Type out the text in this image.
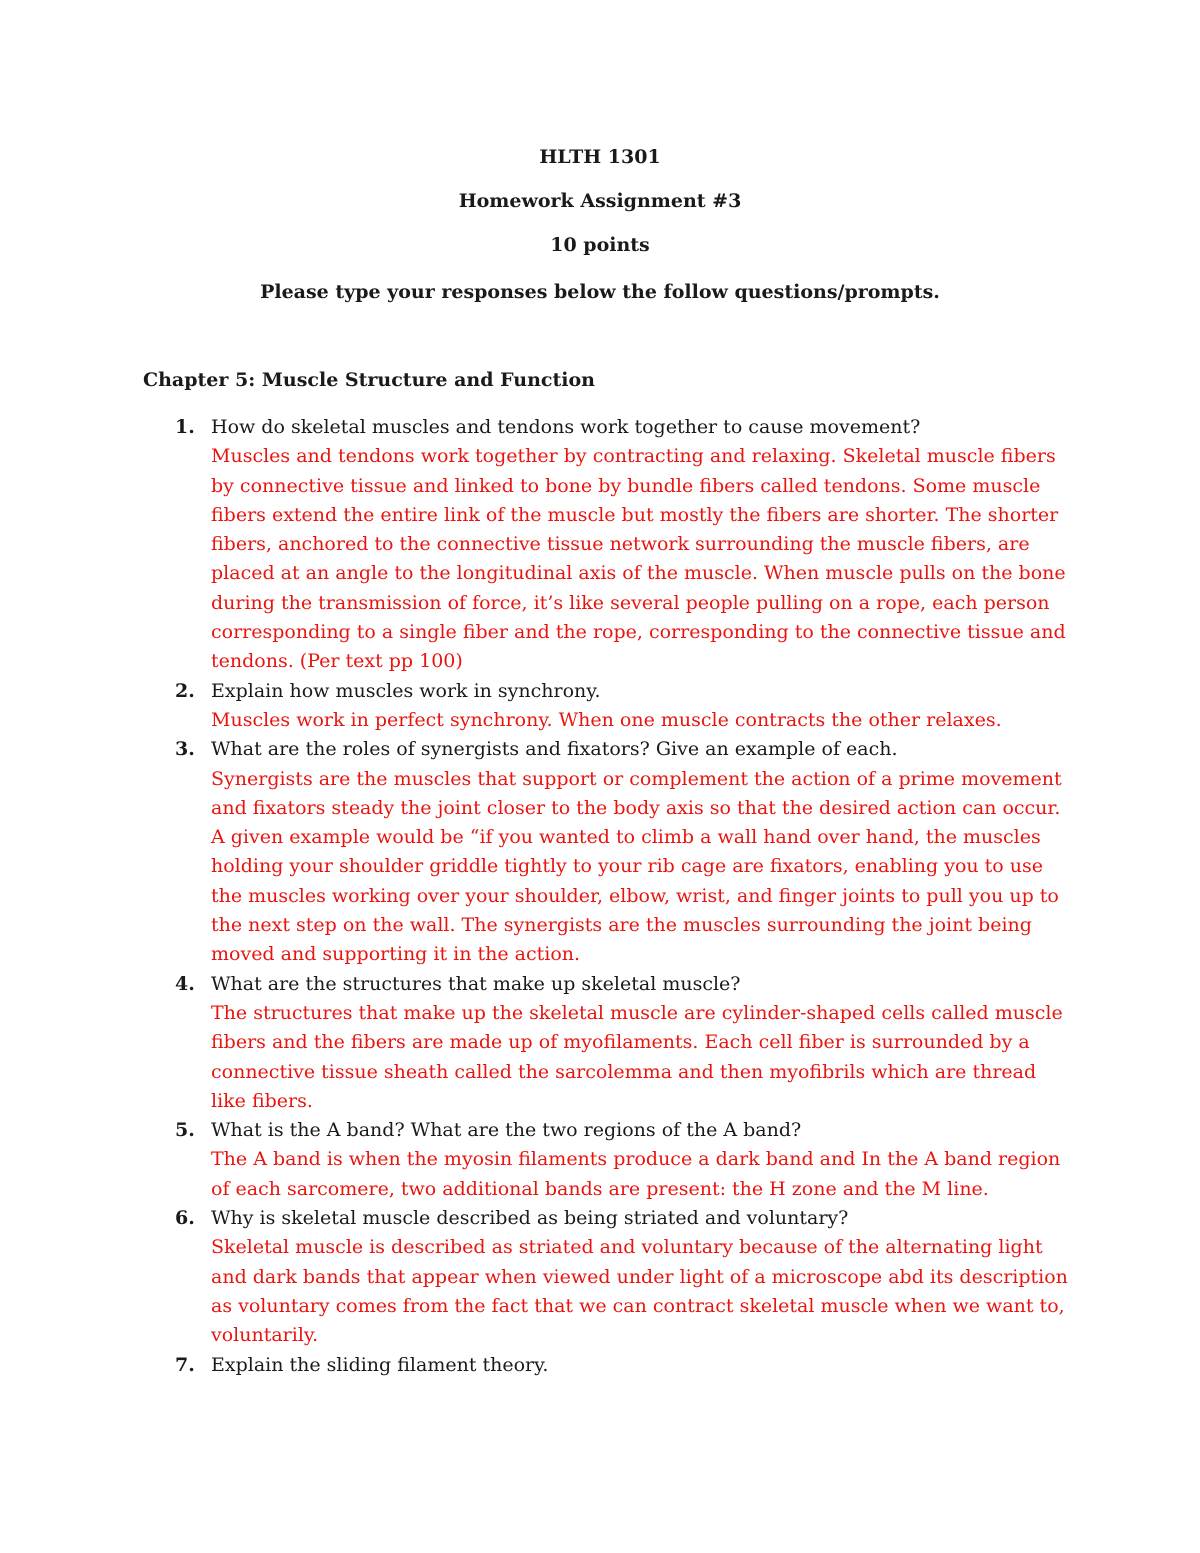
HLTH 1301
Homework Assignment #3
10 points
Please type your responses below the follow questions/prompts.
Chapter 5: Muscle Structure and Function
1. How do skeletal muscles and tendons work together to cause movement?
Muscles and tendons work together by contracting and relaxing. Skeletal muscle fibers by connective tissue and linked to bone by bundle fibers called tendons. Some muscle fibers extend the entire link of the muscle but mostly the fibers are shorter. The shorter fibers, anchored to the connective tissue network surrounding the muscle fibers, are placed at an angle to the longitudinal axis of the muscle. When muscle pulls on the bone during the transmission of force, it’s like several people pulling on a rope, each person corresponding to a single fiber and the rope, corresponding to the connective tissue and tendons. (Per text pp 100)
2. Explain how muscles work in synchrony.
Muscles work in perfect synchrony. When one muscle contracts the other relaxes.
3. What are the roles of synergists and fixators? Give an example of each.
Synergists are the muscles that support or complement the action of a prime movement and fixators steady the joint closer to the body axis so that the desired action can occur. A given example would be “if you wanted to climb a wall hand over hand, the muscles holding your shoulder griddle tightly to your rib cage are fixators, enabling you to use the muscles working over your shoulder, elbow, wrist, and finger joints to pull you up to the next step on the wall. The synergists are the muscles surrounding the joint being moved and supporting it in the action.
4. What are the structures that make up skeletal muscle?
The structures that make up the skeletal muscle are cylinder-shaped cells called muscle fibers and the fibers are made up of myofilaments. Each cell fiber is surrounded by a connective tissue sheath called the sarcolemma and then myofibrils which are thread like fibers.
5. What is the A band? What are the two regions of the A band?
The A band is when the myosin filaments produce a dark band and In the A band region of each sarcomere, two additional bands are present: the H zone and the M line.
6. Why is skeletal muscle described as being striated and voluntary?
Skeletal muscle is described as striated and voluntary because of the alternating light and dark bands that appear when viewed under light of a microscope abd its description as voluntary comes from the fact that we can contract skeletal muscle when we want to, voluntarily.
7. Explain the sliding filament theory.
